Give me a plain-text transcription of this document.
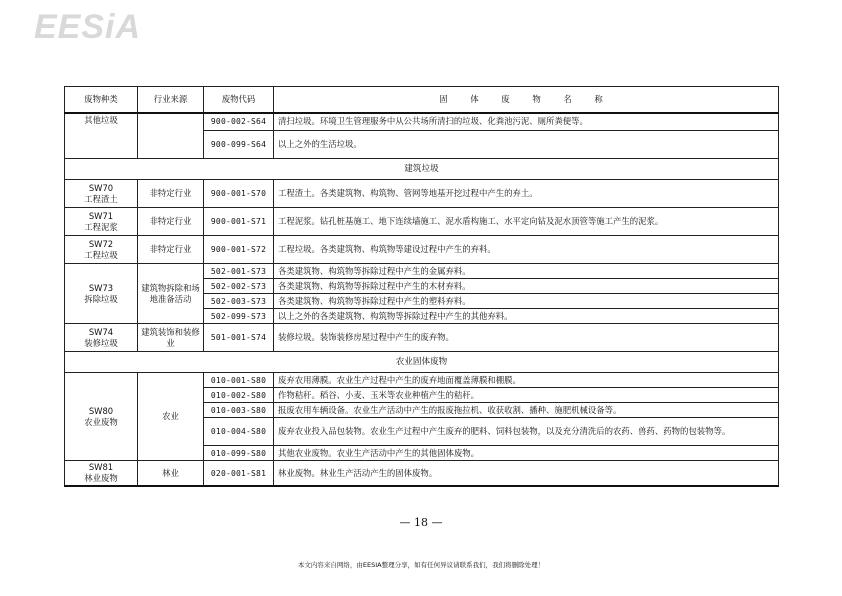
EESiA
废物种类	行业来源	废物代码	固 体 废 物 名 称
其他垃圾		900-002-S64	清扫垃圾。环境卫生管理服务中从公共场所清扫的垃圾、化粪池污泥、厕所粪便等。
		900-099-S64	以上之外的生活垃圾。
建筑垃圾			
SW70
工程渣土	非特定行业	900-001-S70	工程渣土。各类建筑物、构筑物、管网等地基开挖过程中产生的弃土。
SW71
工程泥浆	非特定行业	900-001-S71	工程泥浆。钻孔桩基施工、地下连续墙施工、泥水盾构施工、水平定向钻及泥水顶管等施工产生的泥浆。
SW72
工程垃圾	非特定行业	900-001-S72	工程垃圾。各类建筑物、构筑物等建设过程中产生的弃料。
SW73
拆除垃圾	建筑物拆除和场地准备活动	502-001-S73	各类建筑物、构筑物等拆除过程中产生的金属弃料。
		502-002-S73	各类建筑物、构筑物等拆除过程中产生的木材弃料。
		502-003-S73	各类建筑物、构筑物等拆除过程中产生的塑料弃料。
		502-099-S73	以上之外的各类建筑物、构筑物等拆除过程中产生的其他弃料。
SW74
装修垃圾	建筑装饰和装修业	501-001-S74	装修垃圾。装饰装修房屋过程中产生的废弃物。
农业固体废物			
SW80
农业废物	农业	010-001-S80	废弃农用薄膜。农业生产过程中产生的废弃地面覆盖薄膜和棚膜。
		010-002-S80	作物秸秆。稻谷、小麦、玉米等农业种植产生的秸秆。
		010-003-S80	报废农用车辆设备。农业生产活动中产生的报废拖拉机、收获收割、播种、施肥机械设备等。
		010-004-S80	废弃农业投入品包装物。农业生产过程中产生废弃的肥料、饲料包装物，以及充分清洗后的农药、兽药、药物的包装物等。
		010-099-S80	其他农业废物。农业生产活动中产生的其他固体废物。
SW81
林业废物	林业	020-001-S81	林业废物。林业生产活动产生的固体废物。
— 18 —
本文内容来自网络，由EESIA整理分享，如有任何异议请联系我们，我们将删除处理！
